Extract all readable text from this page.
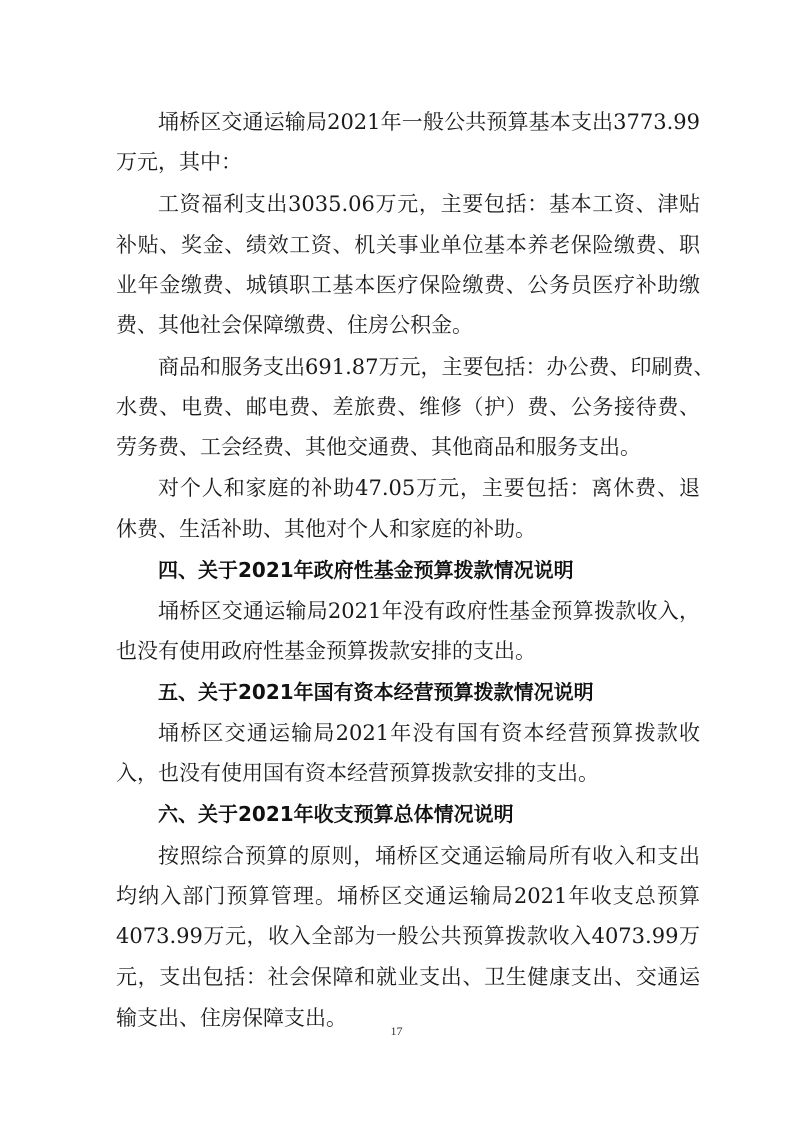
埇桥区交通运输局2021年一般公共预算基本支出3773.99
万元，其中：
工资福利支出3035.06万元，主要包括：基本工资、津贴
补贴、奖金、绩效工资、机关事业单位基本养老保险缴费、职
业年金缴费、城镇职工基本医疗保险缴费、公务员医疗补助缴
费、其他社会保障缴费、住房公积金。
商品和服务支出691.87万元，主要包括：办公费、印刷费、
水费、电费、邮电费、差旅费、维修（护）费、公务接待费、
劳务费、工会经费、其他交通费、其他商品和服务支出。
对个人和家庭的补助47.05万元，主要包括：离休费、退
休费、生活补助、其他对个人和家庭的补助。
四、关于2021年政府性基金预算拨款情况说明
埇桥区交通运输局2021年没有政府性基金预算拨款收入，
也没有使用政府性基金预算拨款安排的支出。
五、关于2021年国有资本经营预算拨款情况说明
埇桥区交通运输局2021年没有国有资本经营预算拨款收
入，也没有使用国有资本经营预算拨款安排的支出。
六、关于2021年收支预算总体情况说明
按照综合预算的原则，埇桥区交通运输局所有收入和支出
均纳入部门预算管理。埇桥区交通运输局2021年收支总预算
4073.99万元，收入全部为一般公共预算拨款收入4073.99万
元，支出包括：社会保障和就业支出、卫生健康支出、交通运
输支出、住房保障支出。
17
